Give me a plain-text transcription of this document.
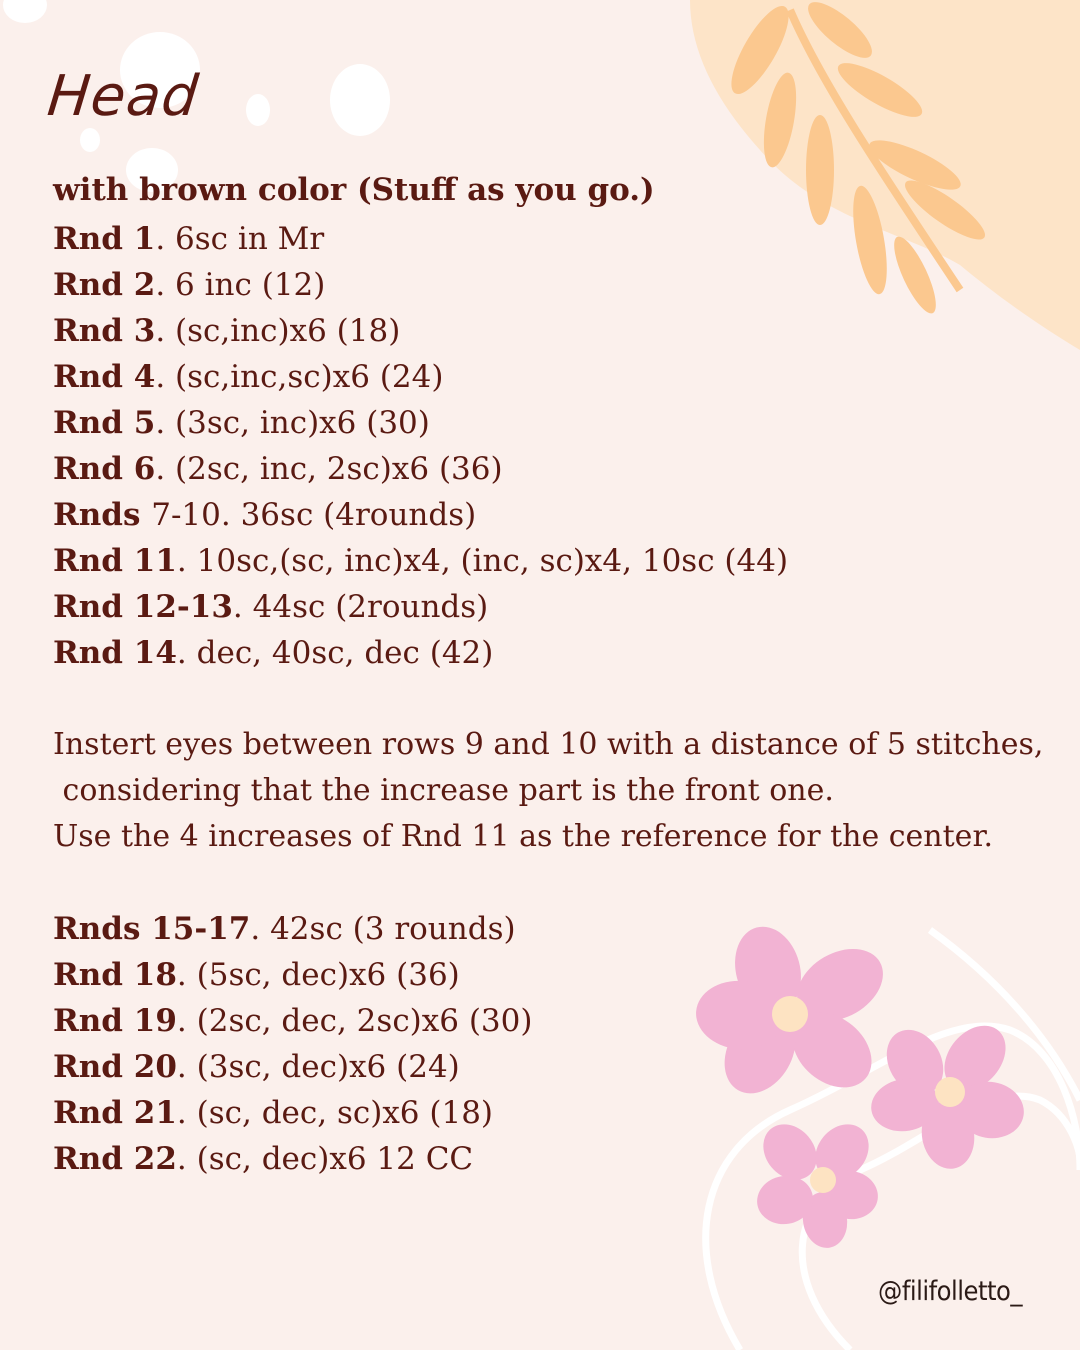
Head
with brown color (Stuff as you go.)
Rnd 1. 6sc in Mr
Rnd 2. 6 inc (12)
Rnd 3. (sc,inc)x6 (18)
Rnd 4. (sc,inc,sc)x6 (24)
Rnd 5. (3sc, inc)x6 (30)
Rnd 6. (2sc, inc, 2sc)x6 (36)
Rnds 7-10. 36sc (4rounds)
Rnd 11. 10sc,(sc, inc)x4, (inc, sc)x4, 10sc (44)
Rnd 12-13. 44sc (2rounds)
Rnd 14. dec, 40sc, dec (42)
Instert eyes between rows 9 and 10 with a distance of 5 stitches,
considering that the increase part is the front one.
Use the 4 increases of Rnd 11 as the reference for the center.
Rnds 15-17. 42sc (3 rounds)
Rnd 18. (5sc, dec)x6 (36)
Rnd 19. (2sc, dec, 2sc)x6 (30)
Rnd 20. (3sc, dec)x6 (24)
Rnd 21. (sc, dec, sc)x6 (18)
Rnd 22. (sc, dec)x6 12 CC
@filifolletto_
